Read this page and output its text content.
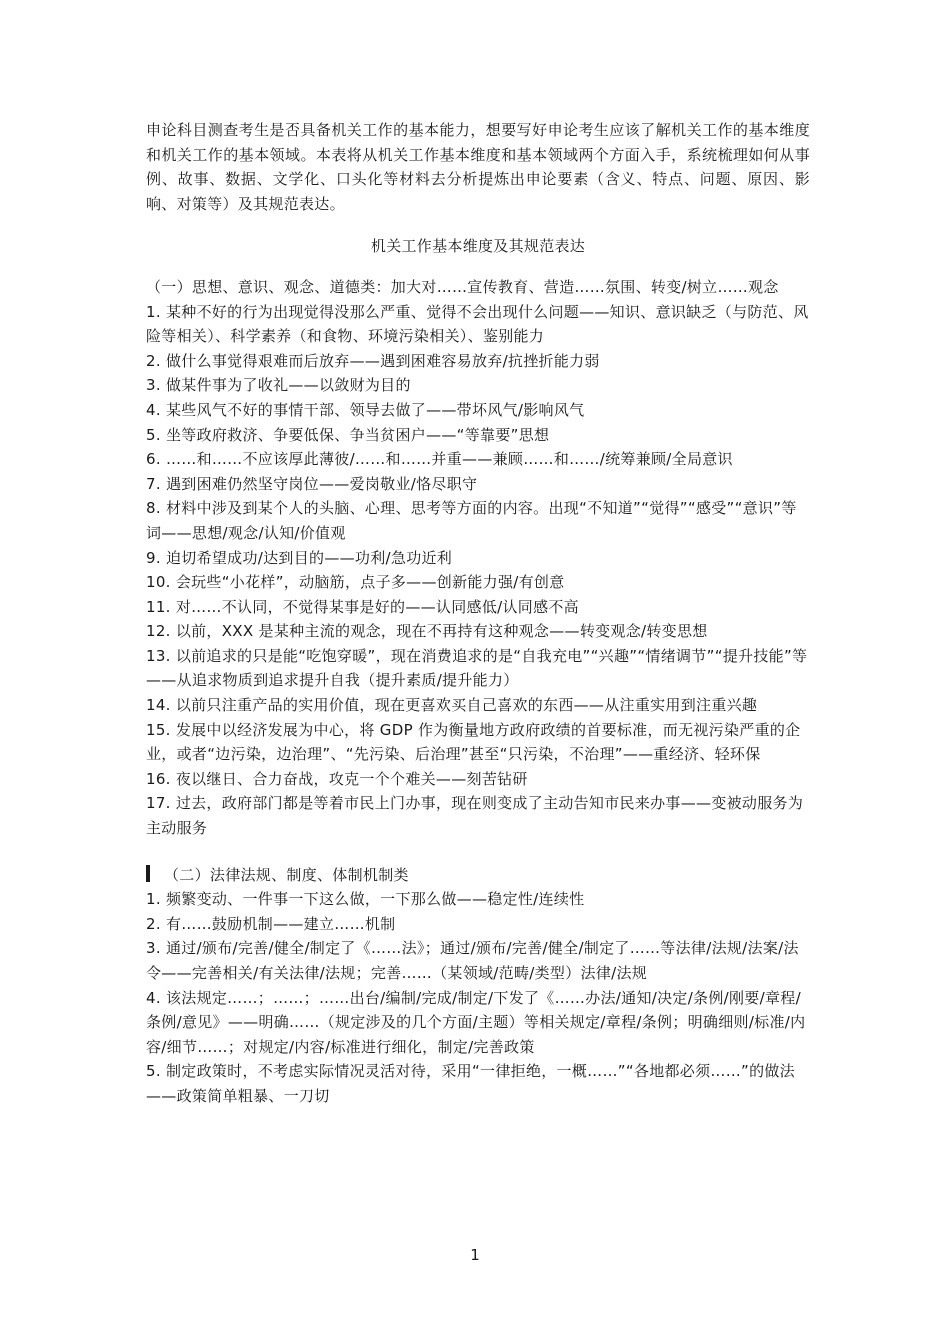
申论科目测查考生是否具备机关工作的基本能力，想要写好申论考生应该了解机关工作的基本维度和机关工作的基本领域。本表将从机关工作基本维度和基本领域两个方面入手，系统梳理如何从事例、故事、数据、文学化、口头化等材料去分析提炼出申论要素（含义、特点、问题、原因、影响、对策等）及其规范表达。

机关工作基本维度及其规范表达

（一）思想、意识、观念、道德类：加大对……宣传教育、营造……氛围、转变/树立……观念

1. 某种不好的行为出现觉得没那么严重、觉得不会出现什么问题——知识、意识缺乏（与防范、风险等相关）、科学素养（和食物、环境污染相关）、鉴别能力
2. 做什么事觉得艰难而后放弃——遇到困难容易放弃/抗挫折能力弱
3. 做某件事为了收礼——以敛财为目的
4. 某些风气不好的事情干部、领导去做了——带坏风气/影响风气
5. 坐等政府救济、争要低保、争当贫困户——“等靠要”思想
6. ……和……不应该厚此薄彼/……和……并重——兼顾……和……/统筹兼顾/全局意识
7. 遇到困难仍然坚守岗位——爱岗敬业/恪尽职守
8. 材料中涉及到某个人的头脑、心理、思考等方面的内容。出现“不知道”“觉得”“感受”“意识”等词——思想/观念/认知/价值观
9. 迫切希望成功/达到目的——功利/急功近利
10. 会玩些“小花样”，动脑筋，点子多——创新能力强/有创意
11. 对……不认同，不觉得某事是好的——认同感低/认同感不高
12. 以前，XXX 是某种主流的观念，现在不再持有这种观念——转变观念/转变思想
13. 以前追求的只是能“吃饱穿暖”，现在消费追求的是“自我充电”“兴趣”“情绪调节”“提升技能”等——从追求物质到追求提升自我（提升素质/提升能力）
14. 以前只注重产品的实用价值，现在更喜欢买自己喜欢的东西——从注重实用到注重兴趣
15. 发展中以经济发展为中心，将 GDP 作为衡量地方政府政绩的首要标准，而无视污染严重的企业，或者“边污染，边治理”、“先污染、后治理”甚至“只污染，不治理”——重经济、轻环保
16. 夜以继日、合力奋战，攻克一个个难关——刻苦钻研
17. 过去，政府部门都是等着市民上门办事，现在则变成了主动告知市民来办事——变被动服务为主动服务

（二）法律法规、制度、体制机制类

1. 频繁变动、一件事一下这么做，一下那么做——稳定性/连续性
2. 有……鼓励机制——建立……机制
3. 通过/颁布/完善/健全/制定了《……法》；通过/颁布/完善/健全/制定了……等法律/法规/法案/法令——完善相关/有关法律/法规；完善……（某领域/范畴/类型）法律/法规
4. 该法规定……；……；……出台/编制/完成/制定/下发了《……办法/通知/决定/条例/刚要/章程/条例/意见》——明确……（规定涉及的几个方面/主题）等相关规定/章程/条例；明确细则/标准/内容/细节……；对规定/内容/标准进行细化，制定/完善政策
5. 制定政策时，不考虑实际情况灵活对待，采用“一律拒绝，一概……”“各地都必须……”的做法——政策简单粗暴、一刀切
1
